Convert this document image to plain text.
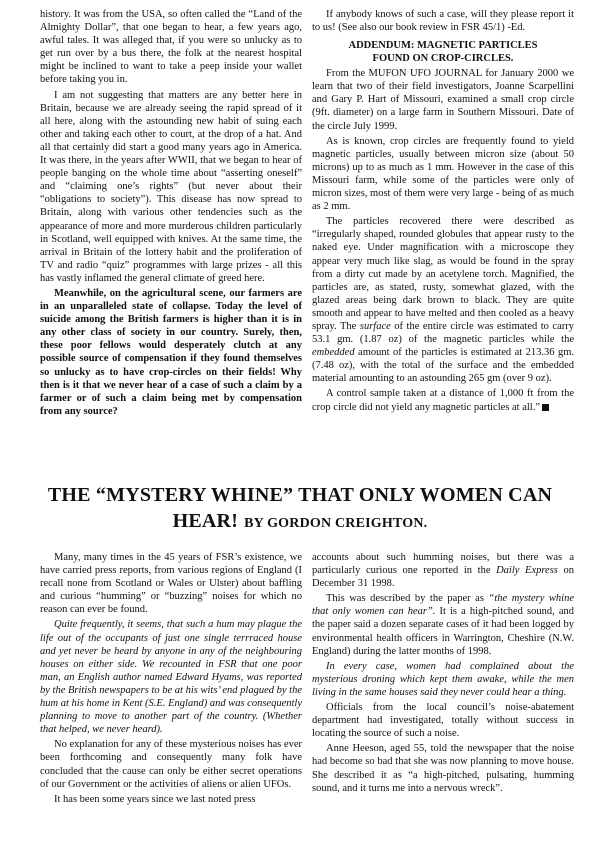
history. It was from the USA, so often called the “Land of the Almighty Dollar”, that one began to hear, a few years ago, awful tales. It was alleged that, if you were so unlucky as to get run over by a bus there, the folk at the nearest hospital might be inclined to want to take a peep inside your wallet before taking you in.

I am not suggesting that matters are any better here in Britain, because we are already seeing the rapid spread of it all here, along with the astounding new habit of suing each other and taking each other to court, at the drop of a hat. And all that certainly did start a good many years ago in America. It was there, in the years after WWII, that we began to hear of people banging on the whole time about “asserting oneself” and “claiming one’s rights” (but never about their “obligations to society”). This disease has now spread to Britain, along with various other tendencies such as the appearance of more and more murderous children particularly in Scotland, well equipped with knives. At the same time, the arrival in Britain of the lottery habit and the proliferation of TV and radio “quiz” programmes with large prizes - all this has vastly inflamed the general climate of greed here.

Meanwhile, on the agricultural scene, our farmers are in an unparalleled state of collapse. Today the level of suicide among the British farmers is higher than it is in any other class of society in our country. Surely, then, these poor fellows would desperately clutch at any possible source of compensation if they found themselves so unlucky as to have crop-circles on their fields! Why then is it that we never hear of a case of such a claim by a farmer or of such a claim being met by compensation from any source?

If anybody knows of such a case, will they please report it to us! (See also our book review in FSR 45/1) -Ed.

ADDENDUM: MAGNETIC PARTICLES
FOUND ON CROP-CIRCLES.

From the MUFON UFO JOURNAL for January 2000 we learn that two of their field investigators, Joanne Scarpellini and Gary P. Hart of Missouri, examined a small crop circle (9ft. diameter) on a large farm in Southern Missouri. Date of the circle July 1999.

As is known, crop circles are frequently found to yield magnetic particles, usually between micron size (about 50 microns) up to as much as 1 mm. However in the case of this Missouri farm, while some of the particles were only of micron sizes, most of them were very large - being of as much as 2 mm.

The particles recovered there were described as “irregularly shaped, rounded globules that appear rusty to the naked eye. Under magnification with a microscope they appear very much like slag, as would be found in the spray from a dirty cut made by an acetylene torch. Magnified, the particles are, as stated, rusty, somewhat glazed, with the glazed areas being dark brown to black. They are quite smooth and appear to have melted and then cooled as a heavy spray. The surface of the entire circle was estimated to carry 53.1 gm. (1.87 oz) of the magnetic particles while the embedded amount of the particles is estimated at 213.36 gm. (7.48 oz), with the total of the surface and the embedded material amounting to an astounding 265 gm (over 9 oz).

A control sample taken at a distance of 1,000 ft from the crop circle did not yield any magnetic particles at all.”

THE “MYSTERY WHINE” THAT ONLY WOMEN CAN
HEAR! BY GORDON CREIGHTON.

Many, many times in the 45 years of FSR’s existence, we have carried press reports, from various regions of England (I recall none from Scotland or Wales or Ulster) about baffling and curious “humming” or “buzzing” noises for which no reason can ever be found.

Quite frequently, it seems, that such a hum may plague the life out of the occupants of just one single terrraced house and yet never be heard by anyone in any of the neighbouring houses on either side. We recounted in FSR that one poor man, an English author named Edward Hyams, was reported by the British newspapers to be at his wits’ end plagued by the hum at his home in Kent (S.E. England) and was consequently planning to move to another part of the country. (Whether that helped, we never heard).

No explanation for any of these mysterious noises has ever been forthcoming and consequently many folk have concluded that the cause can only be either secret operations of our Government or the activities of aliens or alien UFOs.

It has been some years since we last noted press

accounts about such humming noises, but there was a particularly curious one reported in the Daily Express on December 31 1998.

This was described by the paper as “the mystery whine that only women can hear”. It is a high-pitched sound, and the paper said a dozen separate cases of it had been logged by environmental health officers in Warrington, Cheshire (N.W. England) during the latter months of 1998.

In every case, women had complained about the mysterious droning which kept them awake, while the men living in the same houses said they never could hear a thing.

Officials from the local council’s noise-abatement department had investigated, totally without success in locating the source of such a noise.

Anne Heeson, aged 55, told the newspaper that the noise had become so bad that she was now planning to move house. She described it as “a high-pitched, pulsating, humming sound, and it turns me into a nervous wreck”.
